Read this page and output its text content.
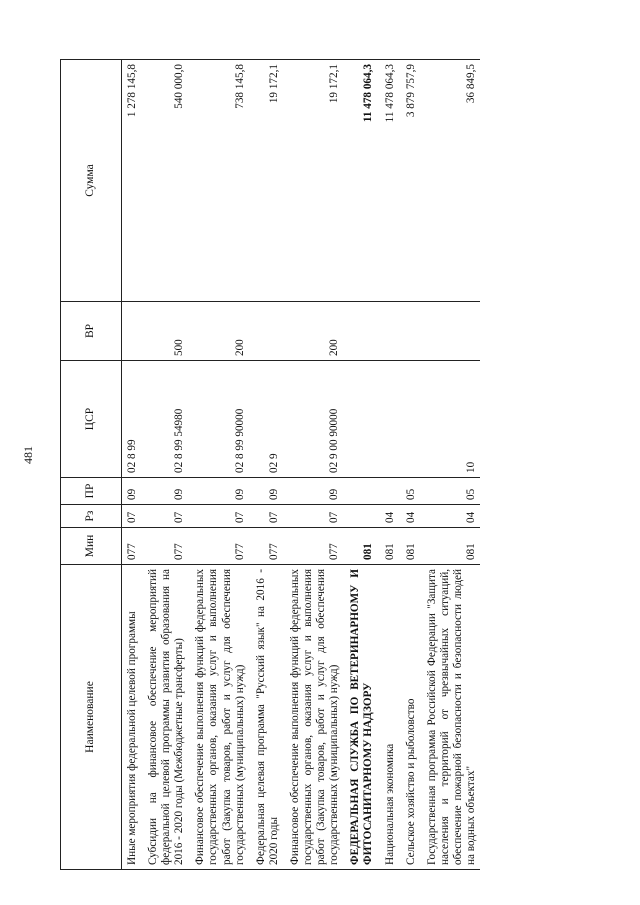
481
Наименование	Мин	Рз	ПР	ЦСР	ВР	Сумма
Иные мероприятия федеральной целевой программы	077	07	09	02 8 99		1 278 145,8
Субсидии на финансовое обеспечение мероприятий федеральной целевой программы развития образования на 2016 - 2020 годы (Межбюджетные трансферты)	077	07	09	02 8 99 54980	500	540 000,0
Финансовое обеспечение выполнения функций федеральных государственных органов, оказания услуг и выполнения работ (Закупка товаров, работ и услуг для обеспечения государственных (муниципальных) нужд)	077	07	09	02 8 99 90000	200	738 145,8
Федеральная целевая программа "Русский язык" на 2016 - 2020 годы	077	07	09	02 9		19 172,1
Финансовое обеспечение выполнения функций федеральных государственных органов, оказания услуг и выполнения работ (Закупка товаров, работ и услуг для обеспечения государственных (муниципальных) нужд)	077	07	09	02 9 00 90000	200	19 172,1
ФЕДЕРАЛЬНАЯ СЛУЖБА ПО ВЕТЕРИНАРНОМУ И ФИТОСАНИТАРНОМУ НАДЗОРУ	081					11 478 064,3
Национальная экономика	081	04				11 478 064,3
Сельское хозяйство и рыболовство	081	04	05			3 879 757,9
Государственная программа Российской Федерации "Защита населения и территорий от чрезвычайных ситуаций, обеспечение пожарной безопасности и безопасности людей на водных объектах"	081	04	05	10		36 849,5
